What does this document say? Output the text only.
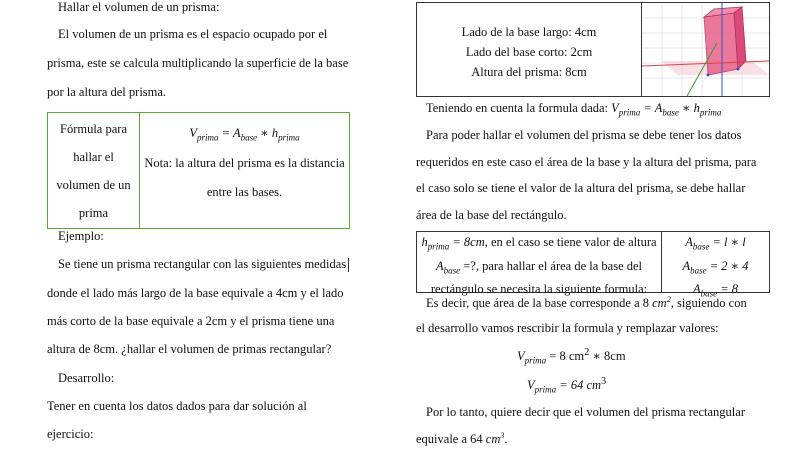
Hallar el volumen de un prisma:
El volumen de un prisma es el espacio ocupado por el
prisma, este se calcula multiplicando la superficie de la base
por la altura del prisma.
Fórmula para
hallar el
volumen de un
prima
$V_{prima} = A_{base}$ ∗ $h_{prima}$
Nota: la altura del prisma es la distancia
entre las bases.
Ejemplo:
Se tiene un prisma rectangular con las siguientes medidas
donde el lado más largo de la base equivale a 4cm y el lado
más corto de la base equivale a 2cm y el prisma tiene una
altura de 8cm. ¿hallar el volumen de primas rectangular?
Desarrollo:
Tener en cuenta los datos dados para dar solución al
ejercicio:
Lado de la base largo: 4cm
Lado del base corto: 2cm
Altura del prisma: 8cm
Teniendo en cuenta la formula dada: $V_{prima} = A_{base}$ ∗ $h_{prima}$
Para poder hallar el volumen del prisma se debe tener los datos
requeridos en este caso el área de la base y la altura del prisma, para
el caso solo se tiene el valor de la altura del prisma, se debe hallar
área de la base del rectángulo.
$h_{prima} = 8cm$, en el caso se tiene valor de altura
$A_{base}$ =?, para hallar el área de la base del
rectángulo se necesita la siguiente formula:
$A_{base} = l$ ∗ l
$A_{base} = 2$ ∗ 4
$A_{base} = 8$
Es decir, que área de la base corresponde a 8 $cm^2$, siguiendo con
el desarrollo vamos rescribir la formula y remplazar valores:
$V_{prima} = 8$ $cm^2$ ∗ 8cm
$V_{prima} = 64$ $cm^3$
Por lo tanto, quiere decir que el volumen del prisma rectangular
equivale a 64 $cm^3$.
